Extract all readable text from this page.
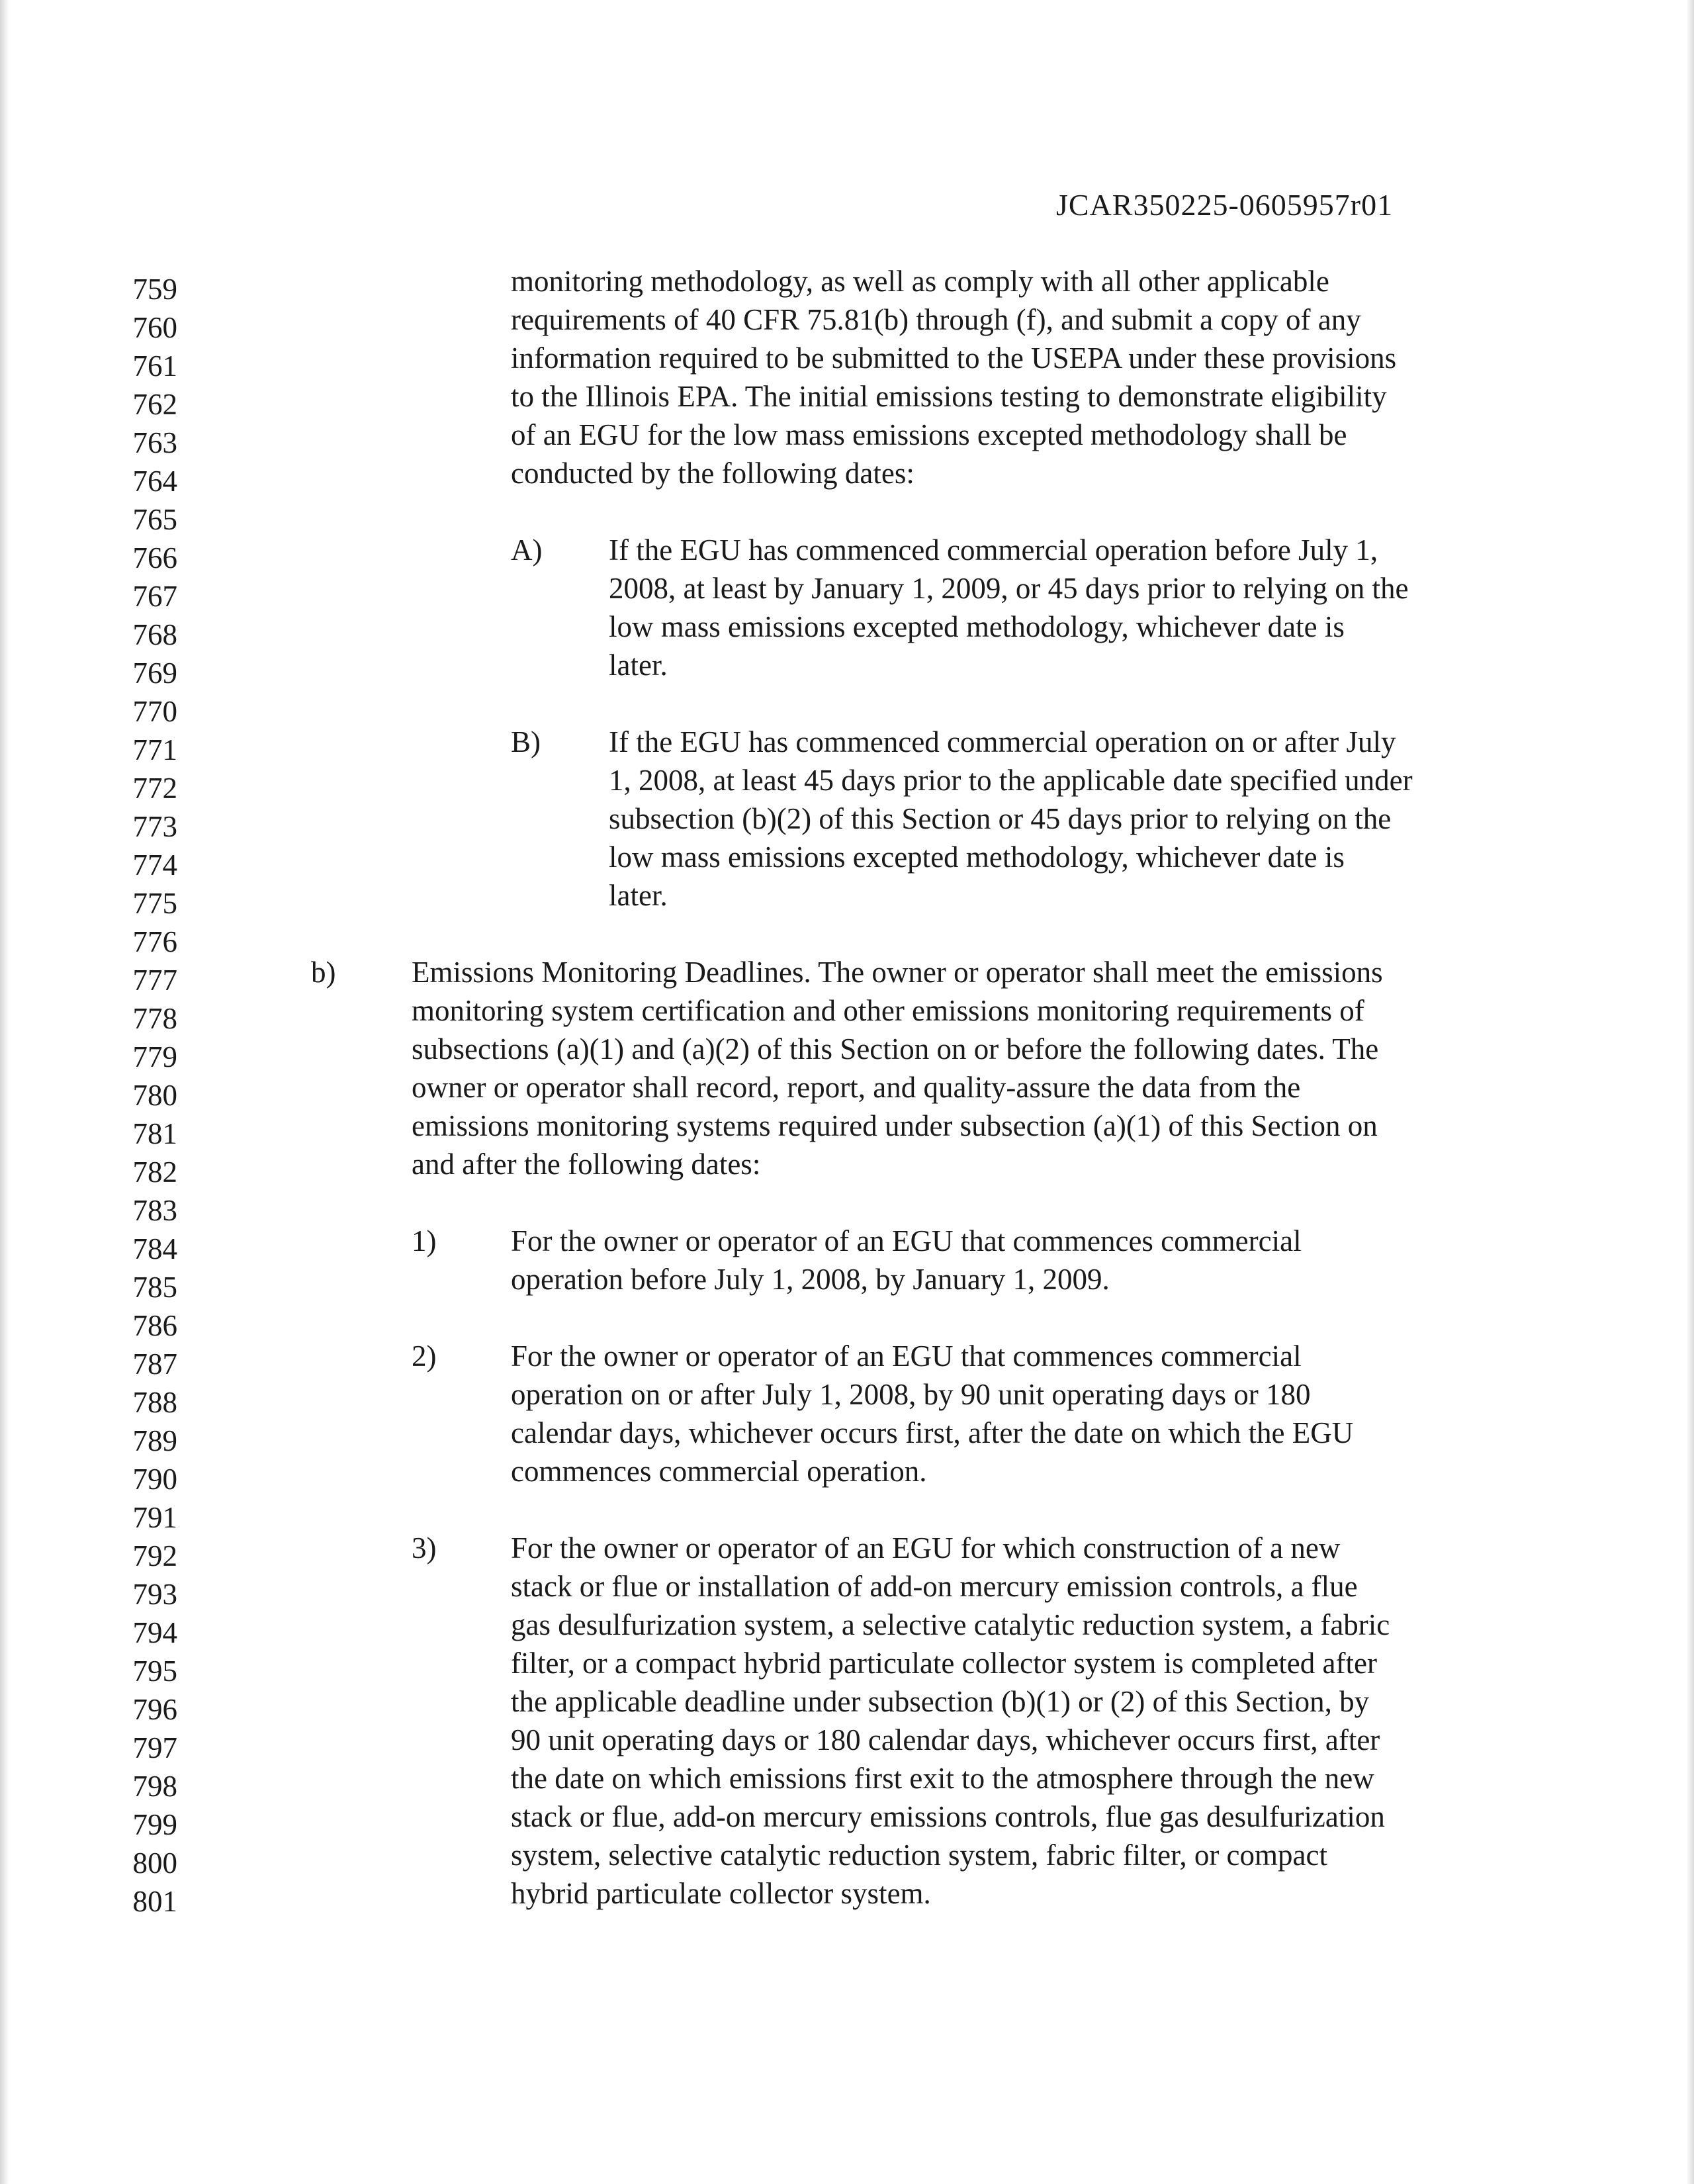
JCAR350225-0605957r01
759
760
761
762
763
764
765
766
767
768
769
770
771
772
773
774
775
776
777
778
779
780
781
782
783
784
785
786
787
788
789
790
791
792
793
794
795
796
797
798
799
800
801

monitoring methodology, as well as comply with all other applicable

requirements of 40 CFR 75.81(b) through (f), and submit a copy of any

information required to be submitted to the USEPA under these provisions

to the Illinois EPA. The initial emissions testing to demonstrate eligibility

of an EGU for the low mass emissions excepted methodology shall be

conducted by the following dates:

A) If the EGU has commenced commercial operation before July 1,

2008, at least by January 1, 2009, or 45 days prior to relying on the

low mass emissions excepted methodology, whichever date is

later.

B) If the EGU has commenced commercial operation on or after July

1, 2008, at least 45 days prior to the applicable date specified under

subsection (b)(2) of this Section or 45 days prior to relying on the

low mass emissions excepted methodology, whichever date is

later.

b)	Emissions Monitoring Deadlines. The owner or operator shall meet the emissions

monitoring system certification and other emissions monitoring requirements of

subsections (a)(1) and (a)(2) of this Section on or before the following dates. The

owner or operator shall record, report, and quality-assure the data from the

emissions monitoring systems required under subsection (a)(1) of this Section on

and after the following dates:

1)	For the owner or operator of an EGU that commences commercial

operation before July 1, 2008, by January 1, 2009.

2)	For the owner or operator of an EGU that commences commercial

operation on or after July 1, 2008, by 90 unit operating days or 180

calendar days, whichever occurs first, after the date on which the EGU

commences commercial operation.

3)	For the owner or operator of an EGU for which construction of a new

stack or flue or installation of add-on mercury emission controls, a flue

gas desulfurization system, a selective catalytic reduction system, a fabric

filter, or a compact hybrid particulate collector system is completed after

the applicable deadline under subsection (b)(1) or (2) of this Section, by

90 unit operating days or 180 calendar days, whichever occurs first, after

the date on which emissions first exit to the atmosphere through the new

stack or flue, add-on mercury emissions controls, flue gas desulfurization

system, selective catalytic reduction system, fabric filter, or compact

hybrid particulate collector system.
